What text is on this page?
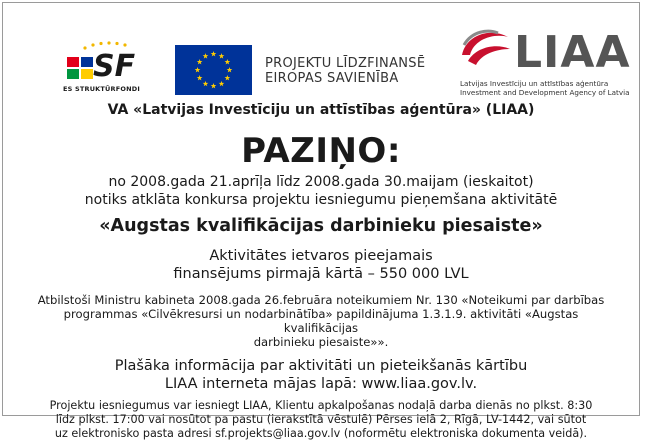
SF
ES STRUKTŪRFONDI
PROJEKTU LĪDZFINANSĒ
EIROPAS SAVIENĪBA
LIAA
Latvijas Investīciju un attīstības aģentūra
Investment and Development Agency of Latvia
VA «Latvijas Investīciju un attīstības aģentūra» (LIAA)
PAZIŅO:
no 2008.gada 21.aprīļa līdz 2008.gada 30.maijam (ieskaitot)
notiks atklāta konkursa projektu iesniegumu pieņemšana aktivitātē
«Augstas kvalifikācijas darbinieku piesaiste»
Aktivitātes ietvaros pieejamais
finansējums pirmajā kārtā – 550 000 LVL
Atbilstoši Ministru kabineta 2008.gada 26.februāra noteikumiem Nr. 130 «Noteikumi par darbības
programmas «Cilvēkresursi un nodarbinātība» papildinājuma 1.3.1.9. aktivitāti «Augstas kvalifikācijas
darbinieku piesaiste»».
Plašāka informācija par aktivitāti un pieteikšanās kārtību
LIAA interneta mājas lapā: www.liaa.gov.lv.
Projektu iesniegumus var iesniegt LIAA, Klientu apkalpošanas nodaļā darba dienās no plkst. 8:30
līdz plkst. 17:00 vai nosūtot pa pastu (ierakstītā vēstulē) Pērses ielā 2, Rīgā, LV-1442, vai sūtot
uz elektronisko pasta adresi sf.projekts@liaa.gov.lv (noformētu elektroniska dokumenta veidā).
